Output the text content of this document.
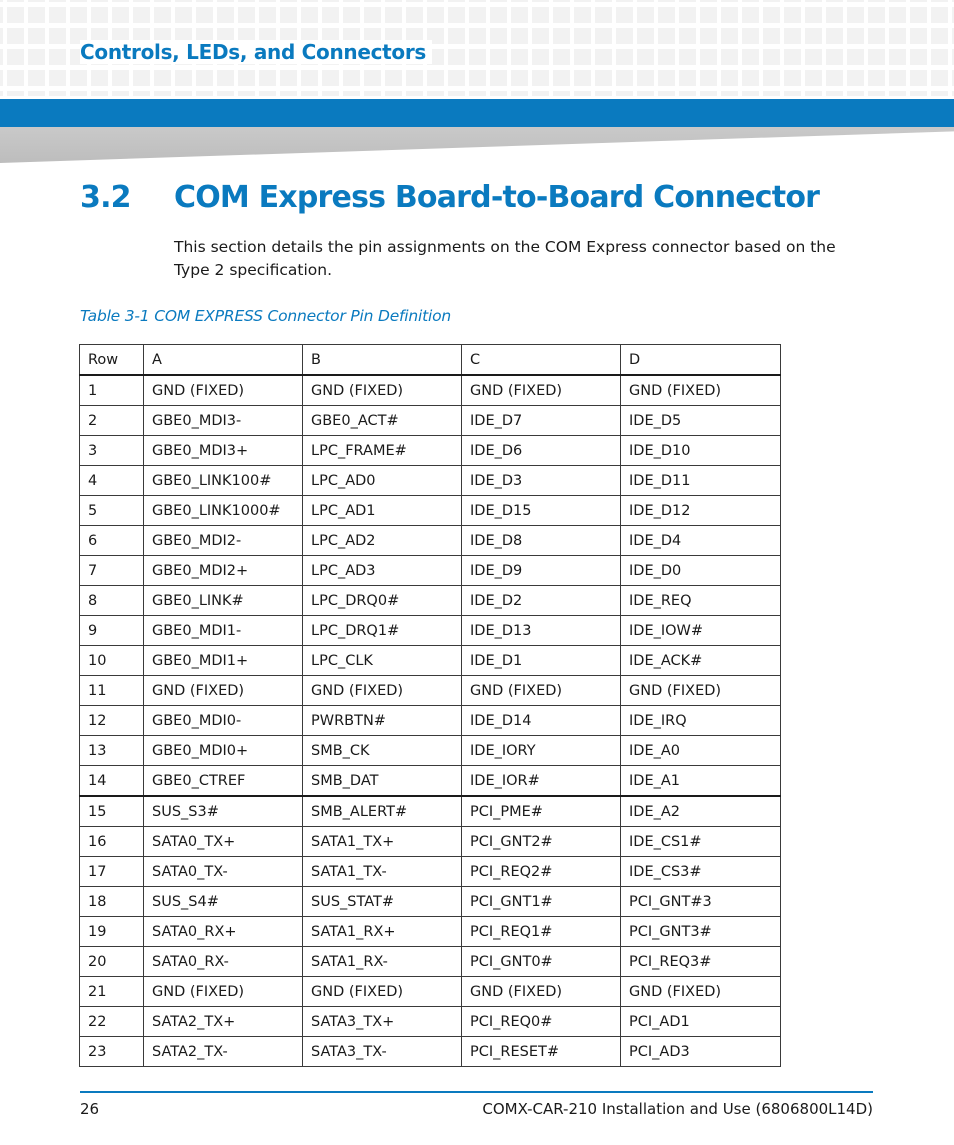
Controls, LEDs, and Connectors
3.2 COM Express Board-to-Board Connector

This section details the pin assignments on the COM Express connector based on the Type 2 specification.

Table 3-1 COM EXPRESS Connector Pin Definition

Row	A	B	C	D
1	GND (FIXED)	GND (FIXED)	GND (FIXED)	GND (FIXED)
2	GBE0_MDI3-	GBE0_ACT#	IDE_D7	IDE_D5
3	GBE0_MDI3+	LPC_FRAME#	IDE_D6	IDE_D10
4	GBE0_LINK100#	LPC_AD0	IDE_D3	IDE_D11
5	GBE0_LINK1000#	LPC_AD1	IDE_D15	IDE_D12
6	GBE0_MDI2-	LPC_AD2	IDE_D8	IDE_D4
7	GBE0_MDI2+	LPC_AD3	IDE_D9	IDE_D0
8	GBE0_LINK#	LPC_DRQ0#	IDE_D2	IDE_REQ
9	GBE0_MDI1-	LPC_DRQ1#	IDE_D13	IDE_IOW#
10	GBE0_MDI1+	LPC_CLK	IDE_D1	IDE_ACK#
11	GND (FIXED)	GND (FIXED)	GND (FIXED)	GND (FIXED)
12	GBE0_MDI0-	PWRBTN#	IDE_D14	IDE_IRQ
13	GBE0_MDI0+	SMB_CK	IDE_IORY	IDE_A0
14	GBE0_CTREF	SMB_DAT	IDE_IOR#	IDE_A1
15	SUS_S3#	SMB_ALERT#	PCI_PME#	IDE_A2
16	SATA0_TX+	SATA1_TX+	PCI_GNT2#	IDE_CS1#
17	SATA0_TX-	SATA1_TX-	PCI_REQ2#	IDE_CS3#
18	SUS_S4#	SUS_STAT#	PCI_GNT1#	PCI_GNT#3
19	SATA0_RX+	SATA1_RX+	PCI_REQ1#	PCI_GNT3#
20	SATA0_RX-	SATA1_RX-	PCI_GNT0#	PCI_REQ3#
21	GND (FIXED)	GND (FIXED)	GND (FIXED)	GND (FIXED)
22	SATA2_TX+	SATA3_TX+	PCI_REQ0#	PCI_AD1
23	SATA2_TX-	SATA3_TX-	PCI_RESET#	PCI_AD3
26	COMX-CAR-210 Installation and Use (6806800L14D)
